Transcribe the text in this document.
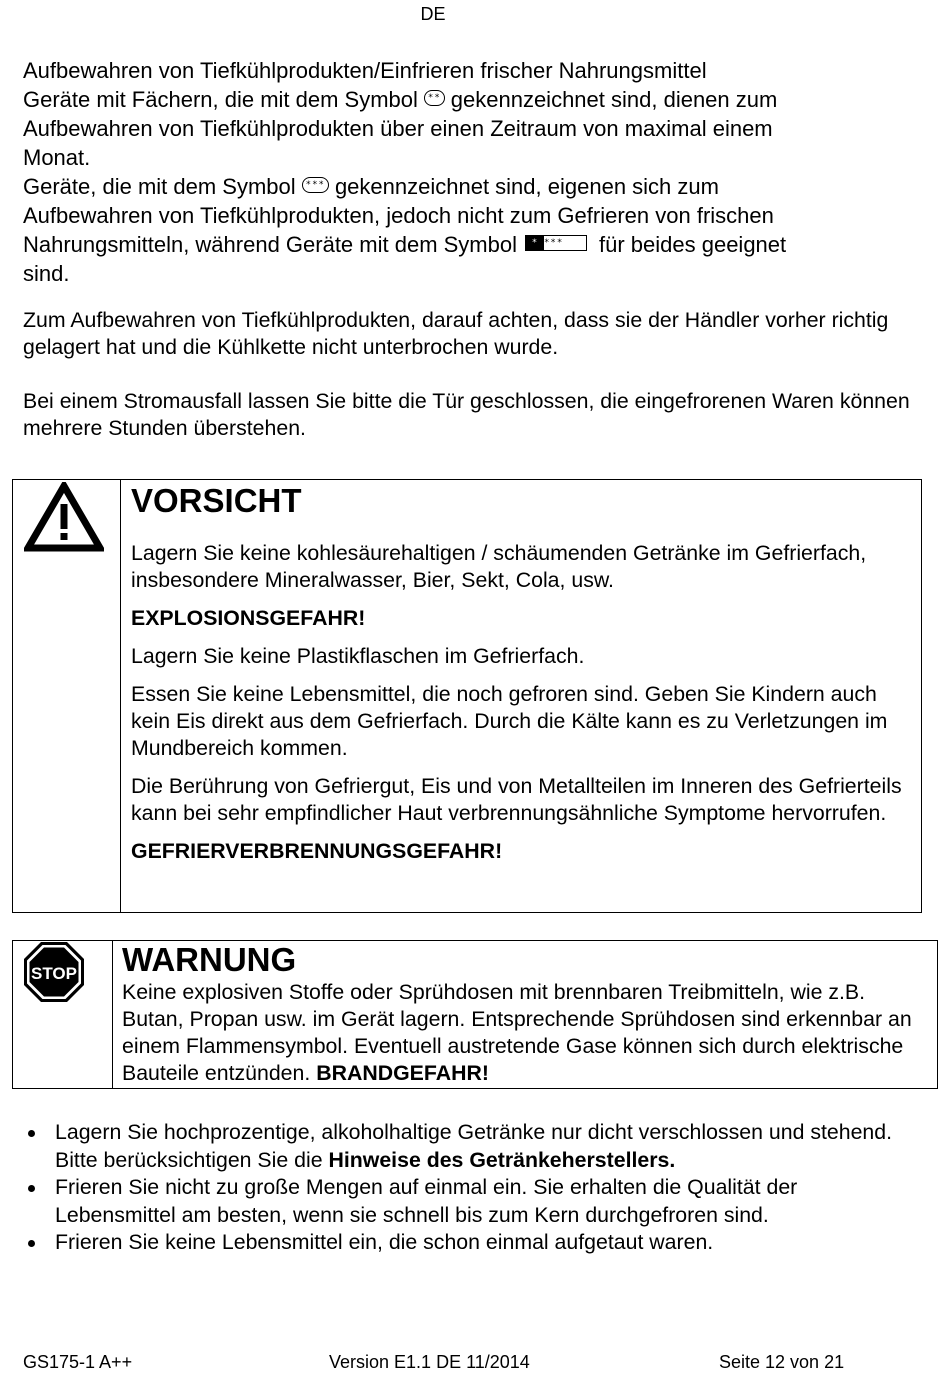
DE

Aufbewahren von Tiefkühlprodukten/Einfrieren frischer Nahrungsmittel

Geräte mit Fächern, die mit dem Symbol ** gekennzeichnet sind, dienen zum
Aufbewahren von Tiefkühlprodukten über einen Zeitraum von maximal einem
Monat.

Geräte, die mit dem Symbol *** gekennzeichnet sind, eigenen sich zum
Aufbewahren von Tiefkühlprodukten, jedoch nicht zum Gefrieren von frischen
Nahrungsmitteln, während Geräte mit dem Symbol * *** für beides geeignet
sind.

Zum Aufbewahren von Tiefkühlprodukten, darauf achten, dass sie der Händler vorher richtig gelagert hat und die Kühlkette nicht unterbrochen wurde.

Bei einem Stromausfall lassen Sie bitte die Tür geschlossen, die eingefrorenen Waren können mehrere Stunden überstehen.

VORSICHT

Lagern Sie keine kohlesäurehaltigen / schäumenden Getränke im Gefrierfach, insbesondere Mineralwasser, Bier, Sekt, Cola, usw.

EXPLOSIONSGEFAHR!

Lagern Sie keine Plastikflaschen im Gefrierfach.

Essen Sie keine Lebensmittel, die noch gefroren sind. Geben Sie Kindern auch kein Eis direkt aus dem Gefrierfach. Durch die Kälte kann es zu Verletzungen im Mundbereich kommen.

Die Berührung von Gefriergut, Eis und von Metallteilen im Inneren des Gefrierteils kann bei sehr empfindlicher Haut verbrennungsähnliche Symptome hervorrufen.

GEFRIERVERBRENNUNGSGEFAHR!

STOP WARNUNG

Keine explosiven Stoffe oder Sprühdosen mit brennbaren Treibmitteln, wie z.B. Butan, Propan usw. im Gerät lagern. Entsprechende Sprühdosen sind erkennbar an einem Flammensymbol. Eventuell austretende Gase können sich durch elektrische Bauteile entzünden. BRANDGEFAHR!

Lagern Sie hochprozentige, alkoholhaltige Getränke nur dicht verschlossen und stehend. Bitte berücksichtigen Sie die Hinweise des Getränkeherstellers.
Frieren Sie nicht zu große Mengen auf einmal ein. Sie erhalten die Qualität der Lebensmittel am besten, wenn sie schnell bis zum Kern durchgefroren sind.
Frieren Sie keine Lebensmittel ein, die schon einmal aufgetaut waren.
GS175-1 A++	Version E1.1 DE 11/2014	Seite 12 von 21
